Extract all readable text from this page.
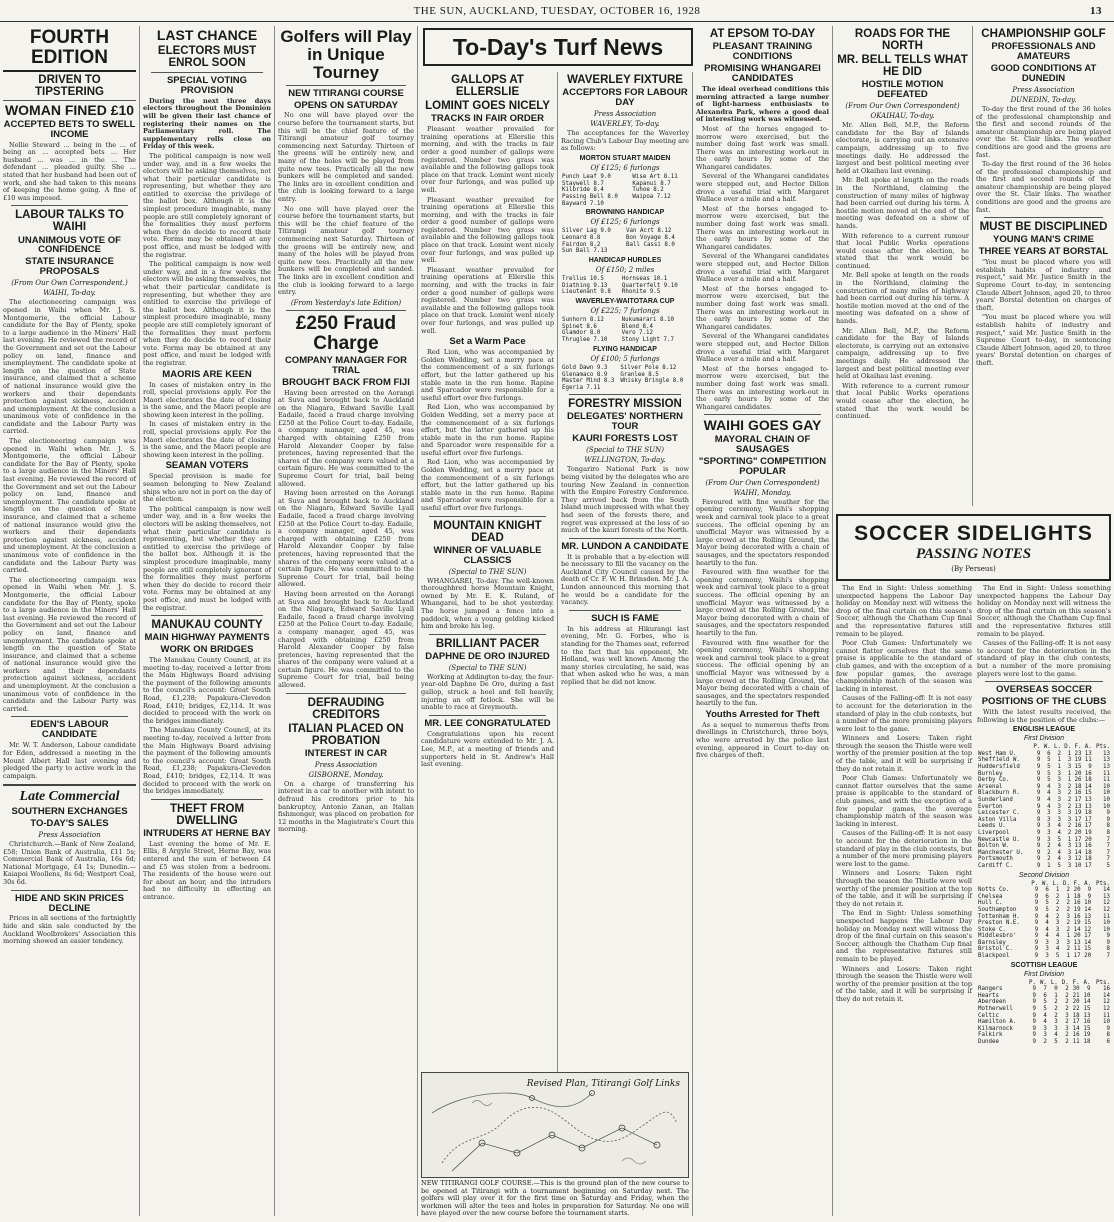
THE SUN, AUCKLAND, TUESDAY, OCTOBER 16, 1928	13
FOURTH EDITION
DRIVEN TO TIPSTERING
WOMAN FINED £10
ACCEPTED BETS TO SWELL INCOME

Nellie Steward ... being in the ... of being an ... accepted bets ... Her husband ... was ... in the ... The defendant ... pleaded guilty. She ... stated that her husband had been out of work, and she had taken to this means of keeping the home going. A fine of £10 was imposed.

LABOUR TALKS TO WAIHI
UNANIMOUS VOTE OF CONFIDENCE
STATE INSURANCE PROPOSALS
(From Our Own Correspondent.)
WAIHI, To-day.

The electioneering campaign was opened in Waihi when Mr. J. S. Montgomerie, the official Labour candidate for the Bay of Plenty, spoke to a large audience in the Miners' Hall last evening. He reviewed the record of the Government and set out the Labour policy on land, finance and unemployment. The candidate spoke at length on the question of State insurance, and claimed that a scheme of national insurance would give the workers and their dependants protection against sickness, accident and unemployment. At the conclusion a unanimous vote of confidence in the candidate and the Labour Party was carried.

The electioneering campaign was opened in Waihi when Mr. J. S. Montgomerie, the official Labour candidate for the Bay of Plenty, spoke to a large audience in the Miners' Hall last evening. He reviewed the record of the Government and set out the Labour policy on land, finance and unemployment. The candidate spoke at length on the question of State insurance, and claimed that a scheme of national insurance would give the workers and their dependants protection against sickness, accident and unemployment. At the conclusion a unanimous vote of confidence in the candidate and the Labour Party was carried.

The electioneering campaign was opened in Waihi when Mr. J. S. Montgomerie, the official Labour candidate for the Bay of Plenty, spoke to a large audience in the Miners' Hall last evening. He reviewed the record of the Government and set out the Labour policy on land, finance and unemployment. The candidate spoke at length on the question of State insurance, and claimed that a scheme of national insurance would give the workers and their dependants protection against sickness, accident and unemployment. At the conclusion a unanimous vote of confidence in the candidate and the Labour Party was carried.

EDEN'S LABOUR CANDIDATE

Mr. W. T. Anderson, Labour candidate for Eden, addressed a meeting in the Mount Albert Hall last evening and pledged the party to active work in the campaign.

Late Commercial
SOUTHERN EXCHANGES
TO-DAY'S SALES
Press Association

Christchurch.—Bank of New Zealand, £58; Union Bank of Australia, £11 5s; Commercial Bank of Australia, 16s 6d; National Mortgage, £4 1s; Dunedin.—Kaiapoi Woollens, 8s 6d; Westport Coal, 30s 6d.

HIDE AND SKIN PRICES DECLINE

Prices in all sections of the fortnightly hide and skin sale conducted by the Auckland Woolbrokers' Association this morning showed an easier tendency.

LAST CHANCE
ELECTORS MUST ENROL SOON
SPECIAL VOTING PROVISION

During the next three days electors throughout the Dominion will be given their last chance of registering their names on the Parliamentary roll. The supplementary rolls close on Friday of this week.

The political campaign is now well under way, and in a few weeks the electors will be asking themselves, not what their particular candidate is representing, but whether they are entitled to exercise the privilege of the ballot box. Although it is the simplest procedure imaginable, many people are still completely ignorant of the formalities they must perform when they do decide to record their vote. Forms may be obtained at any post office, and must be lodged with the registrar.

The political campaign is now well under way, and in a few weeks the electors will be asking themselves, not what their particular candidate is representing, but whether they are entitled to exercise the privilege of the ballot box. Although it is the simplest procedure imaginable, many people are still completely ignorant of the formalities they must perform when they do decide to record their vote. Forms may be obtained at any post office, and must be lodged with the registrar.

MAORIS ARE KEEN

In cases of mistaken entry in the roll, special provisions apply. For the Maori electorates the date of closing is the same, and the Maori people are showing keen interest in the polling.

In cases of mistaken entry in the roll, special provisions apply. For the Maori electorates the date of closing is the same, and the Maori people are showing keen interest in the polling.

SEAMAN VOTERS

Special provision is made for seamen belonging to New Zealand ships who are not in port on the day of the election.

The political campaign is now well under way, and in a few weeks the electors will be asking themselves, not what their particular candidate is representing, but whether they are entitled to exercise the privilege of the ballot box. Although it is the simplest procedure imaginable, many people are still completely ignorant of the formalities they must perform when they do decide to record their vote. Forms may be obtained at any post office, and must be lodged with the registrar.

MANUKAU COUNTY
MAIN HIGHWAY PAYMENTS
WORK ON BRIDGES

The Manukau County Council, at its meeting to-day, received a letter from the Main Highways Board advising the payment of the following amounts to the council's account: Great South Road, £1,238; Papakura-Clevedon Road, £410; bridges, £2,114. It was decided to proceed with the work on the bridges immediately.

The Manukau County Council, at its meeting to-day, received a letter from the Main Highways Board advising the payment of the following amounts to the council's account: Great South Road, £1,238; Papakura-Clevedon Road, £410; bridges, £2,114. It was decided to proceed with the work on the bridges immediately.

THEFT FROM DWELLING
INTRUDERS AT HERNE BAY

Last evening the home of Mr. E. Ellis, 8 Argyle Street, Herne Bay, was entered and the sum of between £4 and £5 was stolen from a bedroom. The residents of the house were out for about an hour, and the intruders had no difficulty in effecting an entrance.

Golfers will Play in Unique Tourney
NEW TITIRANGI COURSE
OPENS ON SATURDAY

No one will have played over the course before the tournament starts, but this will be the chief feature of the Titirangi amateur golf tourney commencing next Saturday. Thirteen of the greens will be entirely new, and many of the holes will be played from quite new tees. Practically all the new bunkers will be completed and sanded. The links are in excellent condition and the club is looking forward to a large entry.

No one will have played over the course before the tournament starts, but this will be the chief feature of the Titirangi amateur golf tourney commencing next Saturday. Thirteen of the greens will be entirely new, and many of the holes will be played from quite new tees. Practically all the new bunkers will be completed and sanded. The links are in excellent condition and the club is looking forward to a large entry.

(From Yesterday's late Edition)
£250 Fraud Charge
COMPANY MANAGER FOR TRIAL
BROUGHT BACK FROM FIJI

Having been arrested on the Aorangi at Suva and brought back to Auckland on the Niagara, Edward Saville Lyall Eadaile, faced a fraud charge involving £250 at the Police Court to-day. Eadaile, a company manager, aged 45, was charged with obtaining £250 from Harold Alexander Cooper by false pretences, having represented that the shares of the company were valued at a certain figure. He was committed to the Supreme Court for trial, bail being allowed.

Having been arrested on the Aorangi at Suva and brought back to Auckland on the Niagara, Edward Saville Lyall Eadaile, faced a fraud charge involving £250 at the Police Court to-day. Eadaile, a company manager, aged 45, was charged with obtaining £250 from Harold Alexander Cooper by false pretences, having represented that the shares of the company were valued at a certain figure. He was committed to the Supreme Court for trial, bail being allowed.

Having been arrested on the Aorangi at Suva and brought back to Auckland on the Niagara, Edward Saville Lyall Eadaile, faced a fraud charge involving £250 at the Police Court to-day. Eadaile, a company manager, aged 45, was charged with obtaining £250 from Harold Alexander Cooper by false pretences, having represented that the shares of the company were valued at a certain figure. He was committed to the Supreme Court for trial, bail being allowed.

DEFRAUDING CREDITORS
ITALIAN PLACED ON PROBATION
INTEREST IN CAR
Press Association
GISBORNE, Monday.

On a charge of transferring his interest in a car to another with intent to defraud his creditors prior to his bankruptcy, Antonio Zanan, an Italian fishmonger, was placed on probation for 12 months in the Magistrate's Court this morning.

To-Day's Turf News
GALLOPS AT ELLERSLIE
LOMINT GOES NICELY
TRACKS IN FAIR ORDER

Pleasant weather prevailed for training operations at Ellerslie this morning, and with the tracks in fair order a good number of gallops were registered. Number two grass was available and the following gallops took place on that track. Lomint went nicely over four furlongs, and was pulled up well.

Pleasant weather prevailed for training operations at Ellerslie this morning, and with the tracks in fair order a good number of gallops were registered. Number two grass was available and the following gallops took place on that track. Lomint went nicely over four furlongs, and was pulled up well.

Pleasant weather prevailed for training operations at Ellerslie this morning, and with the tracks in fair order a good number of gallops were registered. Number two grass was available and the following gallops took place on that track. Lomint went nicely over four furlongs, and was pulled up well.

Set a Warm Pace

Red Lion, who was accompanied by Golden Wedding, set a merry pace at the commencement of a six furlongs effort, but the latter gathered up his stable mate in the run home. Rapine and Sparcador were responsible for a useful effort over five furlongs.

Red Lion, who was accompanied by Golden Wedding, set a merry pace at the commencement of a six furlongs effort, but the latter gathered up his stable mate in the run home. Rapine and Sparcador were responsible for a useful effort over five furlongs.

Red Lion, who was accompanied by Golden Wedding, set a merry pace at the commencement of a six furlongs effort, but the latter gathered up his stable mate in the run home. Rapine and Sparcador were responsible for a useful effort over five furlongs.

MOUNTAIN KNIGHT DEAD
WINNER OF VALUABLE CLASSICS
(Special to THE SUN)

WHANGAREI, To-day. The well-known thoroughbred horse Mountain Knight, owned by Mr. E. K. Ruland, of Whangarei, had to be shot yesterday. The horse jumped a fence into a paddock, when a young gelding kicked him and broke his leg.

BRILLIANT PACER
DAPHNE DE ORO INJURED
(Special to THE SUN)

Working at Addington to-day, the four-year-old Daphne De Oro, during a fast gallop, struck a heel and fell heavily, injuring an off fetlock. She will be unable to race at Greymouth.

MR. LEE CONGRATULATED

Congratulations upon his recent candidature were extended to Mr. J. A. Lee, M.P., at a meeting of friends and supporters held in St. Andrew's Hall last evening.

WAVERLEY FIXTURE
ACCEPTORS FOR LABOUR DAY
Press Association
WAVERLEY, To-day.

The acceptances for the Waverley Racing Club's Labour Day meeting are as follows:

MORTON STUART MAIDEN
Of £125; 6 furlongs
Punch Leaf 9.0	Wise Art 8.11
Staywell 8.7	Kapanui 8.7
Kilbride 8.4	Tuhoe 8.2
Passing Bell 8.0	Waipoa 7.12
Bayward 7.10	
BROWNING HANDICAP
Of £125; 6 furlongs
Silver Lag 9.0	Van Acrt 8.12
Leonard 8.8	Bon Voyage 8.4
Fairdon 8.2	Ball Cassi 8.0
Sun Ball 7.13	
HANDICAP HURDLES
Of £150; 2 miles
Trellus 10.5	Hornseas 10.1
Diathing 9.13	Quarterfelt 9.10
Lieutenant 9.8	Rhonite 9.5
WAVERLEY-WAITOTARA CUP
Of £225; 7 furlongs
Sunhorn 8.12	Nukumarari 8.10
Spinet 8.6	Blend 8.4
Glamdor 8.0	Vero 7.12
Thruglee 7.10	Stony Light 7.7
FLYING HANDICAP
Of £100; 5 furlongs
Gold Dawn 9.3	Silver Pole 8.12
Glenamaco 8.9	Granlee 8.5
Master Mind 8.3	Whisky Bringle 8.0
Egeria 7.11	
FORESTRY MISSION
DELEGATES' NORTHERN TOUR
KAURI FORESTS LOST
(Special to THE SUN)
WELLINGTON, To-day.

Tongariro National Park is now being visited by the delegates who are touring New Zealand in connection with the Empire Forestry Conference. They arrived back from the South Island much impressed with what they had seen of the forests there, and regret was expressed at the loss of so much of the kauri forests of the North.

MR. LUNDON A CANDIDATE

It is probable that a by-election will be necessary to fill the vacancy on the Auckland City Council caused by the death of Cr. F. W. H. Brinsden. Mr. J. A. Lundon announced this morning that he would be a candidate for the vacancy.

SUCH IS FAME

In his address at Hikurangi last evening, Mr. G. Forbes, who is standing for the Thames seat, referred to the fact that his opponent, Mr. Holland, was well known. Among the many stories circulating, he said, was that when asked who he was, a man replied that he did not know.

Revised Plan, Titirangi Golf Links
NEW TITIRANGI GOLF COURSE.—This is the ground plan of the new course to be opened at Titirangi with a tournament beginning on Saturday next. The golfers will play over it for the first time on Saturday and Friday, when the workmen will alter the tees and holes in preparation for Saturday. No one will have played over the new course before the tournament starts.
AT EPSOM TO-DAY
PLEASANT TRAINING CONDITIONS
PROMISING WHANGAREI CANDIDATES

The ideal overhead conditions this morning attracted a large number of light-harness enthusiasts to Alexandra Park, where a good deal of interesting work was witnessed.

Most of the horses engaged to-morrow were exercised, but the number doing fast work was small. There was an interesting work-out in the early hours by some of the Whangarei candidates.

Several of the Whangarei candidates were stepped out, and Hector Dillon drove a useful trial with Margaret Wallace over a mile and a half.

Most of the horses engaged to-morrow were exercised, but the number doing fast work was small. There was an interesting work-out in the early hours by some of the Whangarei candidates.

Several of the Whangarei candidates were stepped out, and Hector Dillon drove a useful trial with Margaret Wallace over a mile and a half.

Most of the horses engaged to-morrow were exercised, but the number doing fast work was small. There was an interesting work-out in the early hours by some of the Whangarei candidates.

Several of the Whangarei candidates were stepped out, and Hector Dillon drove a useful trial with Margaret Wallace over a mile and a half.

Most of the horses engaged to-morrow were exercised, but the number doing fast work was small. There was an interesting work-out in the early hours by some of the Whangarei candidates.

WAIHI GOES GAY
MAYORAL CHAIN OF SAUSAGES
"SPORTING" COMPETITION POPULAR
(From Our Own Correspondent)
WAIHI, Monday.

Favoured with fine weather for the opening ceremony, Waihi's shopping week and carnival took place to a great success. The official opening by an unofficial Mayor was witnessed by a large crowd at the Rolling Ground, the Mayor being decorated with a chain of sausages, and the spectators responded heartily to the fun.

Favoured with fine weather for the opening ceremony, Waihi's shopping week and carnival took place to a great success. The official opening by an unofficial Mayor was witnessed by a large crowd at the Rolling Ground, the Mayor being decorated with a chain of sausages, and the spectators responded heartily to the fun.

Favoured with fine weather for the opening ceremony, Waihi's shopping week and carnival took place to a great success. The official opening by an unofficial Mayor was witnessed by a large crowd at the Rolling Ground, the Mayor being decorated with a chain of sausages, and the spectators responded heartily to the fun.

Youths Arrested for Theft

As a sequel to numerous thefts from dwellings in Christchurch, three boys, who were arrested by the police last evening, appeared in Court to-day on five charges of theft.

ROADS FOR THE NORTH
MR. BELL TELLS WHAT HE DID
HOSTILE MOTION DEFEATED
(From Our Own Correspondent)
OKAIHAU, To-day.

Mr. Allen Bell, M.P., the Reform candidate for the Bay of Islands electorate, is carrying out an extensive campaign, addressing up to five meetings daily. He addressed the largest and best political meeting ever held at Okaihau last evening.

Mr. Bell spoke at length on the roads in the Northland, claiming the construction of many miles of highway had been carried out during his term. A hostile motion moved at the end of the meeting was defeated on a show of hands.

With reference to a current rumour that local Public Works operations would cease after the election, he stated that the work would be continued.

Mr. Bell spoke at length on the roads in the Northland, claiming the construction of many miles of highway had been carried out during his term. A hostile motion moved at the end of the meeting was defeated on a show of hands.

Mr. Allen Bell, M.P., the Reform candidate for the Bay of Islands electorate, is carrying out an extensive campaign, addressing up to five meetings daily. He addressed the largest and best political meeting ever held at Okaihau last evening.

With reference to a current rumour that local Public Works operations would cease after the election, he stated that the work would be continued.

CHAMPIONSHIP GOLF
PROFESSIONALS AND AMATEURS
GOOD CONDITIONS AT DUNEDIN
Press Association
DUNEDIN, To-day.

To-day the first round of the 36 holes of the professional championship and the first and second rounds of the amateur championship are being played over the St. Clair links. The weather conditions are good and the greens are fast.

To-day the first round of the 36 holes of the professional championship and the first and second rounds of the amateur championship are being played over the St. Clair links. The weather conditions are good and the greens are fast.

MUST BE DISCIPLINED
YOUNG MAN'S CRIME
THREE YEARS AT BORSTAL

"You must be placed where you will establish habits of industry and respect," said Mr. Justice Smith in the Supreme Court to-day, in sentencing Claude Albert Johnson, aged 20, to three years' Borstal detention on charges of theft.

"You must be placed where you will establish habits of industry and respect," said Mr. Justice Smith in the Supreme Court to-day, in sentencing Claude Albert Johnson, aged 20, to three years' Borstal detention on charges of theft.

SOCCER SIDELIGHTS
PASSING NOTES
(By Perseus)

The End in Sight: Unless something unexpected happens the Labour Day holiday on Monday next will witness the drop of the final curtain on this season's Soccer, although the Chatham Cup final and the representative fixtures still remain to be played.

Poor Club Games: Unfortunately we cannot flatter ourselves that the same praise is applicable to the standard of club games, and with the exception of a few popular games, the average championship match of the season was lacking in interest.

Causes of the Falling-off: It is not easy to account for the deterioration in the standard of play in the club contests, but a number of the more promising players were lost to the game.

Winners and Losers: Taken right through the season the Thistle were well worthy of the premier position at the top of the table, and it will be surprising if they do not retain it.

Poor Club Games: Unfortunately we cannot flatter ourselves that the same praise is applicable to the standard of club games, and with the exception of a few popular games, the average championship match of the season was lacking in interest.

Causes of the Falling-off: It is not easy to account for the deterioration in the standard of play in the club contests, but a number of the more promising players were lost to the game.

Winners and Losers: Taken right through the season the Thistle were well worthy of the premier position at the top of the table, and it will be surprising if they do not retain it.

The End in Sight: Unless something unexpected happens the Labour Day holiday on Monday next will witness the drop of the final curtain on this season's Soccer, although the Chatham Cup final and the representative fixtures still remain to be played.

Winners and Losers: Taken right through the season the Thistle were well worthy of the premier position at the top of the table, and it will be surprising if they do not retain it.

The End in Sight: Unless something unexpected happens the Labour Day holiday on Monday next will witness the drop of the final curtain on this season's Soccer, although the Chatham Cup final and the representative fixtures still remain to be played.

Causes of the Falling-off: It is not easy to account for the deterioration in the standard of play in the club contests, but a number of the more promising players were lost to the game.

OVERSEAS SOCCER
POSITIONS OF THE CLUBS

With the latest results received, the following is the position of the clubs:—

ENGLISH LEAGUE
First Division
	P.	W.	L.	D.	F.	A.	Pts.
West Ham U.	9	6	2	1	23	13	13
Sheffield W.	9	5	1	3	19	11	13
Huddersfield	9	5	1	3	15	9	13
Burnley	9	5	3	1	20	16	11
Derby Co.	9	5	3	1	26	18	11
Arsenal	9	4	3	2	18	14	10
Blackburn R.	9	4	3	2	16	15	10
Sunderland	9	4	3	2	17	13	10
Everton	9	4	3	2	13	13	10
Leicester C.	9	3	3	3	19	18	9
Aston Villa	9	3	3	3	17	17	9
Leeds U.	9	3	4	2	16	17	8
Liverpool	9	3	4	2	20	19	8
Newcastle U.	9	3	5	1	17	20	7
Bolton W.	9	2	4	3	13	16	7
Manchester U.	9	2	4	3	14	18	7
Portsmouth	9	2	4	3	12	18	7
Cardiff C.	9	1	5	3	10	17	5
Second Division
	P.	W.	L.	D.	F.	A.	Pts.
Notts Co.	9	6	1	2	20	9	14
Chelsea	9	6	2	1	18	9	13
Hull C.	9	5	2	2	16	10	12
Southampton	9	5	2	2	19	14	12
Tottenham H.	9	4	2	3	16	13	11
Preston N.E.	9	4	3	2	19	15	10
Stoke C.	9	4	3	2	14	12	10
Middlesbro'	9	4	4	1	20	17	9
Barnsley	9	3	3	3	13	14	9
Bristol C.	9	3	4	2	11	15	8
Blackpool	9	3	5	1	17	20	7
SCOTTISH LEAGUE
First Division
	P.	W.	L.	D.	F.	A.	Pts.
Rangers	9	7	0	2	30	9	16
Hearts	9	6	1	2	21	10	14
Aberdeen	9	5	2	2	20	14	12
Motherwell	9	5	2	2	22	15	12
Celtic	9	4	2	3	18	13	11
Hamilton A.	9	4	3	2	17	16	10
Kilmarnock	9	3	3	3	14	15	9
Falkirk	9	3	4	2	16	19	8
Dundee	9	2	5	2	11	18	6
